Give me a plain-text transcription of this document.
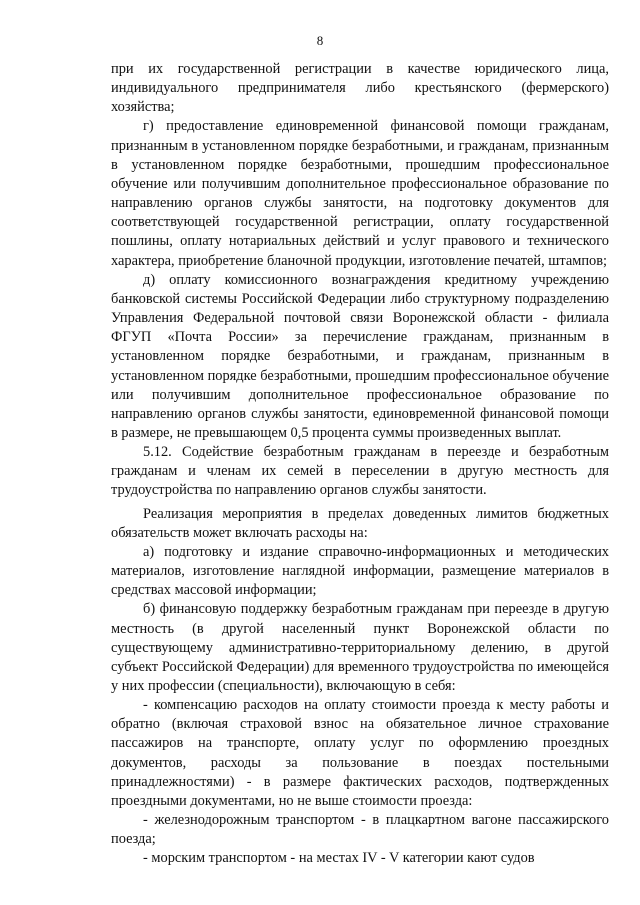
8

при их государственной регистрации в качестве юридического лица, индивидуального предпринимателя либо крестьянского (фермерского) хозяйства;

г) предоставление единовременной финансовой помощи гражданам, признанным в установленном порядке безработными, и гражданам, признанным в установленном порядке безработными, прошедшим профессиональное обучение или получившим дополнительное профессиональное образование по направлению органов службы занятости, на подготовку документов для соответствующей государственной регистрации, оплату государственной пошлины, оплату нотариальных действий и услуг правового и технического характера, приобретение бланочной продукции, изготовление печатей, штампов;

д) оплату комиссионного вознаграждения кредитному учреждению банковской системы Российской Федерации либо структурному подразделению Управления Федеральной почтовой связи Воронежской области - филиала ФГУП «Почта России» за перечисление гражданам, признанным в установленном порядке безработными, и гражданам, признанным в установленном порядке безработными, прошедшим профессиональное обучение или получившим дополнительное профессиональное образование по направлению органов службы занятости, единовременной финансовой помощи в размере, не превышающем 0,5 процента суммы произведенных выплат.

5.12. Содействие безработным гражданам в переезде и безработным гражданам и членам их семей в переселении в другую местность для трудоустройства по направлению органов службы занятости.

Реализация мероприятия в пределах доведенных лимитов бюджетных обязательств может включать расходы на:

а) подготовку и издание справочно-информационных и методических материалов, изготовление наглядной информации, размещение материалов в средствах массовой информации;

б) финансовую поддержку безработным гражданам при переезде в другую местность (в другой населенный пункт Воронежской области по существующему административно-территориальному делению, в другой субъект Российской Федерации) для временного трудоустройства по имеющейся у них профессии (специальности), включающую в себя:

- компенсацию расходов на оплату стоимости проезда к месту работы и обратно (включая страховой взнос на обязательное личное страхование пассажиров на транспорте, оплату услуг по оформлению проездных документов, расходы за пользование в поездах постельными принадлежностями) - в размере фактических расходов, подтвержденных проездными документами, но не выше стоимости проезда:

- железнодорожным транспортом - в плацкартном вагоне пассажирского поезда;

- морским транспортом - на местах IV - V категории кают судов
